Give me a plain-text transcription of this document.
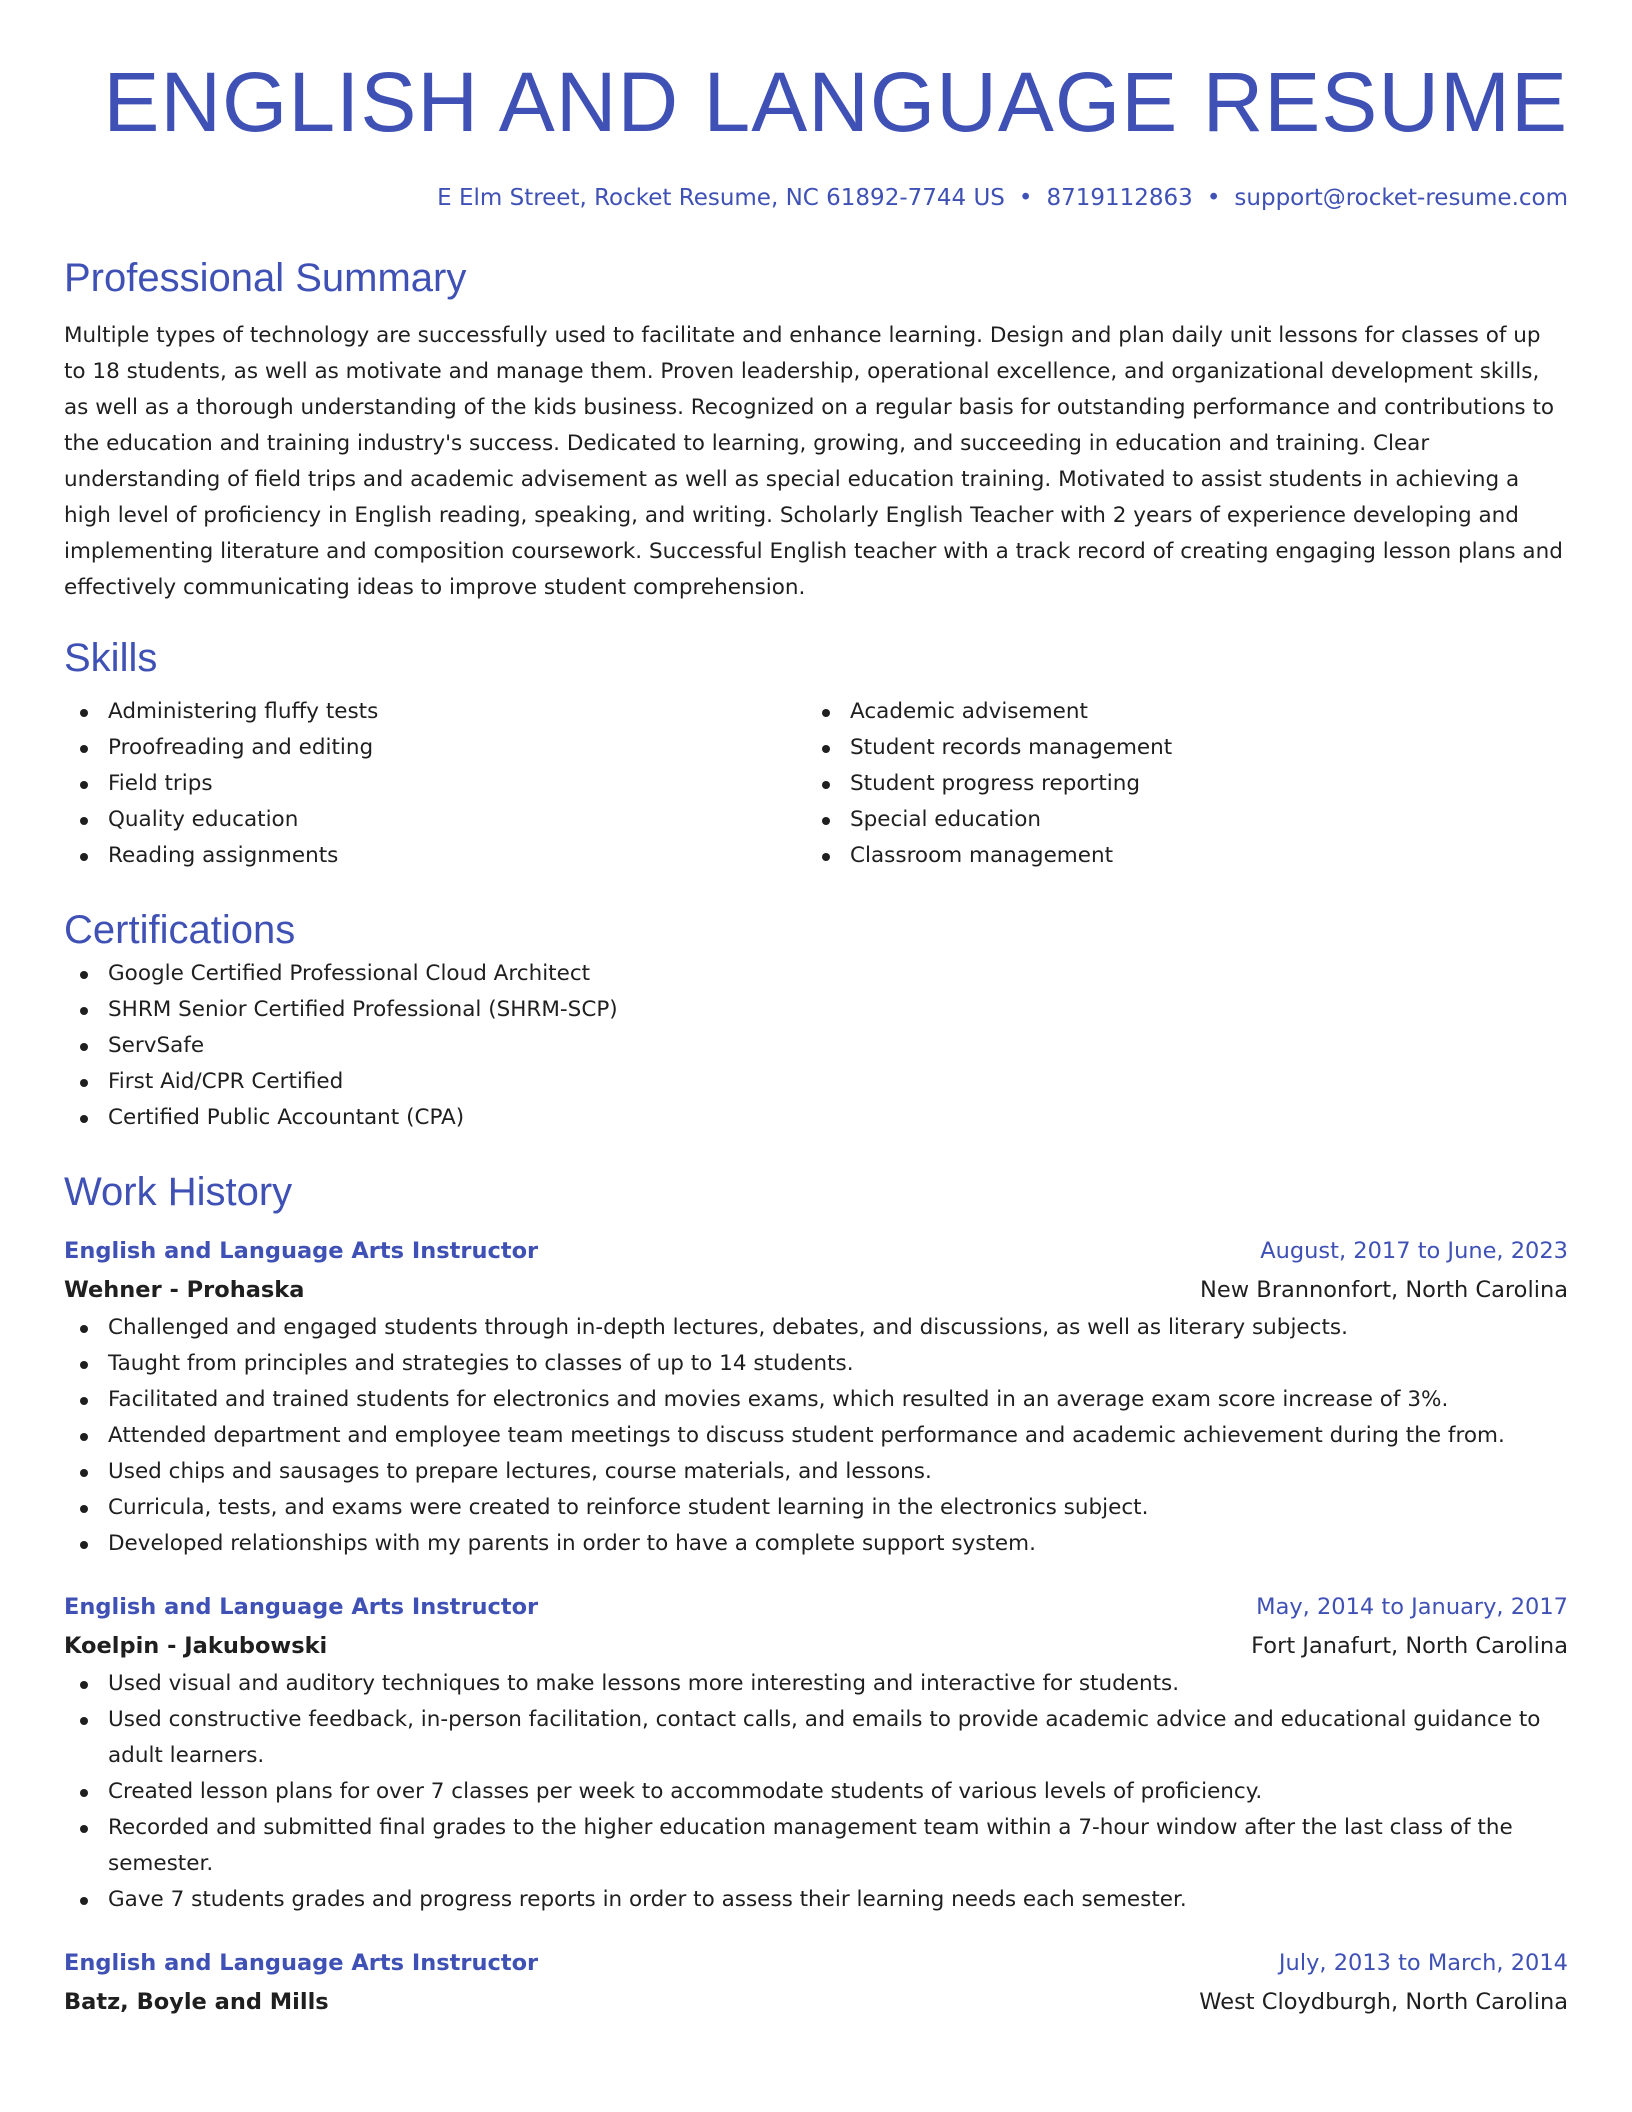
ENGLISH AND LANGUAGE RESUME
E Elm Street, Rocket Resume, NC 61892-7744 US • 8719112863 • support@rocket-resume.com
Professional Summary

Multiple types of technology are successfully used to facilitate and enhance learning. Design and plan daily unit lessons for classes of up to 18 students, as well as motivate and manage them. Proven leadership, operational excellence, and organizational development skills, as well as a thorough understanding of the kids business. Recognized on a regular basis for outstanding performance and contributions to the education and training industry's success. Dedicated to learning, growing, and succeeding in education and training. Clear understanding of field trips and academic advisement as well as special education training. Motivated to assist students in achieving a high level of proficiency in English reading, speaking, and writing. Scholarly English Teacher with 2 years of experience developing and implementing literature and composition coursework. Successful English teacher with a track record of creating engaging lesson plans and effectively communicating ideas to improve student comprehension.

Skills
Administering fluffy tests
Proofreading and editing
Field trips
Quality education
Reading assignments
Academic advisement
Student records management
Student progress reporting
Special education
Classroom management
Certifications
Google Certified Professional Cloud Architect
SHRM Senior Certified Professional (SHRM-SCP)
ServSafe
First Aid/CPR Certified
Certified Public Accountant (CPA)
Work History
English and Language Arts Instructor	August, 2017 to June, 2023
Wehner - Prohaska	New Brannonfort, North Carolina
Challenged and engaged students through in-depth lectures, debates, and discussions, as well as literary subjects.
Taught from principles and strategies to classes of up to 14 students.
Facilitated and trained students for electronics and movies exams, which resulted in an average exam score increase of 3%.
Attended department and employee team meetings to discuss student performance and academic achievement during the from.
Used chips and sausages to prepare lectures, course materials, and lessons.
Curricula, tests, and exams were created to reinforce student learning in the electronics subject.
Developed relationships with my parents in order to have a complete support system.
English and Language Arts Instructor	May, 2014 to January, 2017
Koelpin - Jakubowski	Fort Janafurt, North Carolina
Used visual and auditory techniques to make lessons more interesting and interactive for students.
Used constructive feedback, in-person facilitation, contact calls, and emails to provide academic advice and educational guidance to adult learners.
Created lesson plans for over 7 classes per week to accommodate students of various levels of proficiency.
Recorded and submitted final grades to the higher education management team within a 7-hour window after the last class of the semester.
Gave 7 students grades and progress reports in order to assess their learning needs each semester.
English and Language Arts Instructor	July, 2013 to March, 2014
Batz, Boyle and Mills	West Cloydburgh, North Carolina
